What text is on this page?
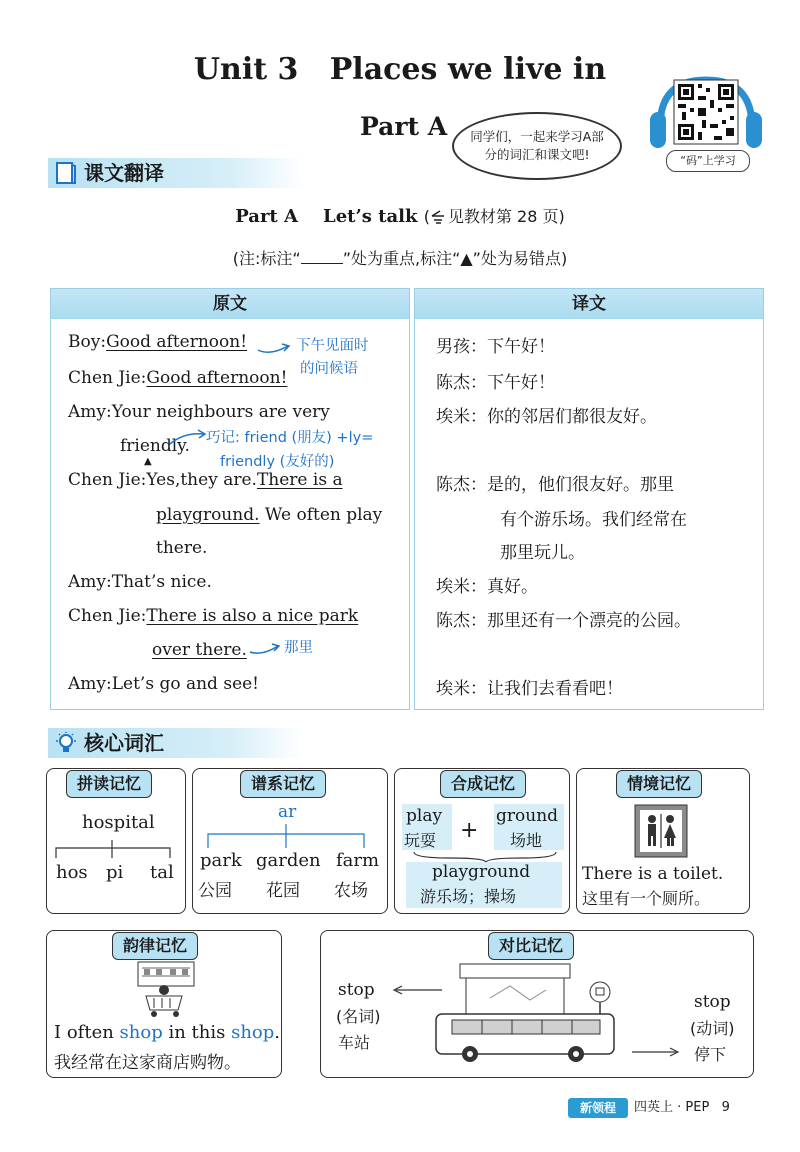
Unit 3   Places we live in
Part A	同学们，一起来学习A部分的词汇和课文吧!	“码”上学习
课文翻译
Part A    Let’s talk ( 见教材第 28 页)
(注:标注“	”处为重点,标注“▲”处为易错点)
原文	译文
Boy:Good afternoon!
Chen Jie:Good afternoon!
Amy:Your neighbours are very
friendly.
▲
Chen Jie:Yes,they are.There is a
playground. We often play
there.
Amy:That’s nice.
Chen Jie:There is also a nice park
over there.
Amy:Let’s go and see!
下午见面时
的问候语
巧记: friend (朋友) +ly=
friendly (友好的)
那里
男孩：下午好！
陈杰：下午好！
埃米：你的邻居们都很友好。
陈杰：是的，他们很友好。那里
有个游乐场。我们经常在
那里玩儿。
埃米：真好。
陈杰：那里还有一个漂亮的公园。
埃米：让我们去看看吧！
核心词汇
拼读记忆
hospital
hos pi tal
谱系记忆
ar
park
公园
garden
花园
farm
农场
合成记忆
play
玩耍 +
ground
场地
playground
游乐场；操场
情境记忆
There is a toilet.
这里有一个厕所。
韵律记忆
I often shop in this shop.
我经常在这家商店购物。
对比记忆
stop
(名词)
车站
stop
(动词)
停下
新领程	四英上 · PEP   9
